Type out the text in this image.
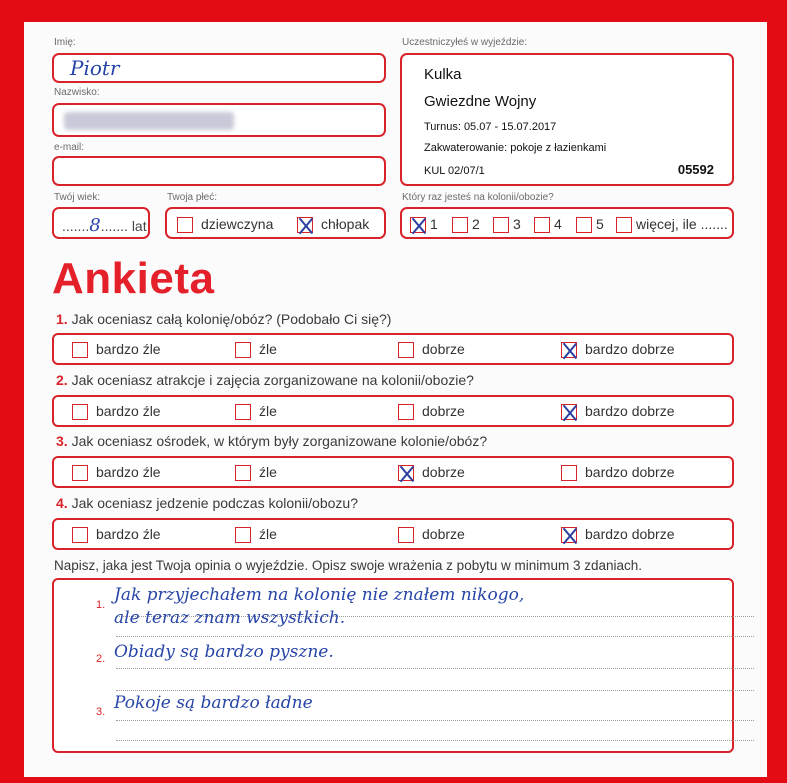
Imię:
Piotr
Nazwisko:
e-mail:
Uczestniczyłeś w wyjeździe:
Kulka
Gwiezdne Wojny
Turnus: 05.07 - 15.07.2017
Zakwaterowanie: pokoje z łazienkami
KUL 02/07/1	05592
Twój wiek:
.......8....... lat
Twoja płeć:
dziewczyna	chłopak
Który raz jesteś na kolonii/obozie?
1	2	3	4	5	więcej, ile .......
Ankieta
1. Jak oceniasz całą kolonię/obóz? (Podobało Ci się?)
bardzo źle	źle	dobrze	bardzo dobrze
2. Jak oceniasz atrakcje i zajęcia zorganizowane na kolonii/obozie?
bardzo źle	źle	dobrze	bardzo dobrze
3. Jak oceniasz ośrodek, w którym były zorganizowane kolonie/obóz?
bardzo źle	źle	dobrze	bardzo dobrze
4. Jak oceniasz jedzenie podczas kolonii/obozu?
bardzo źle	źle	dobrze	bardzo dobrze
Napisz, jaka jest Twoja opinia o wyjeździe. Opisz swoje wrażenia z pobytu w minimum 3 zdaniach.
1.
2.
3.
Jak przyjechałem na kolonię nie znałem nikogo,
ale teraz znam wszystkich.
Obiady są bardzo pyszne.
Pokoje są bardzo ładne
